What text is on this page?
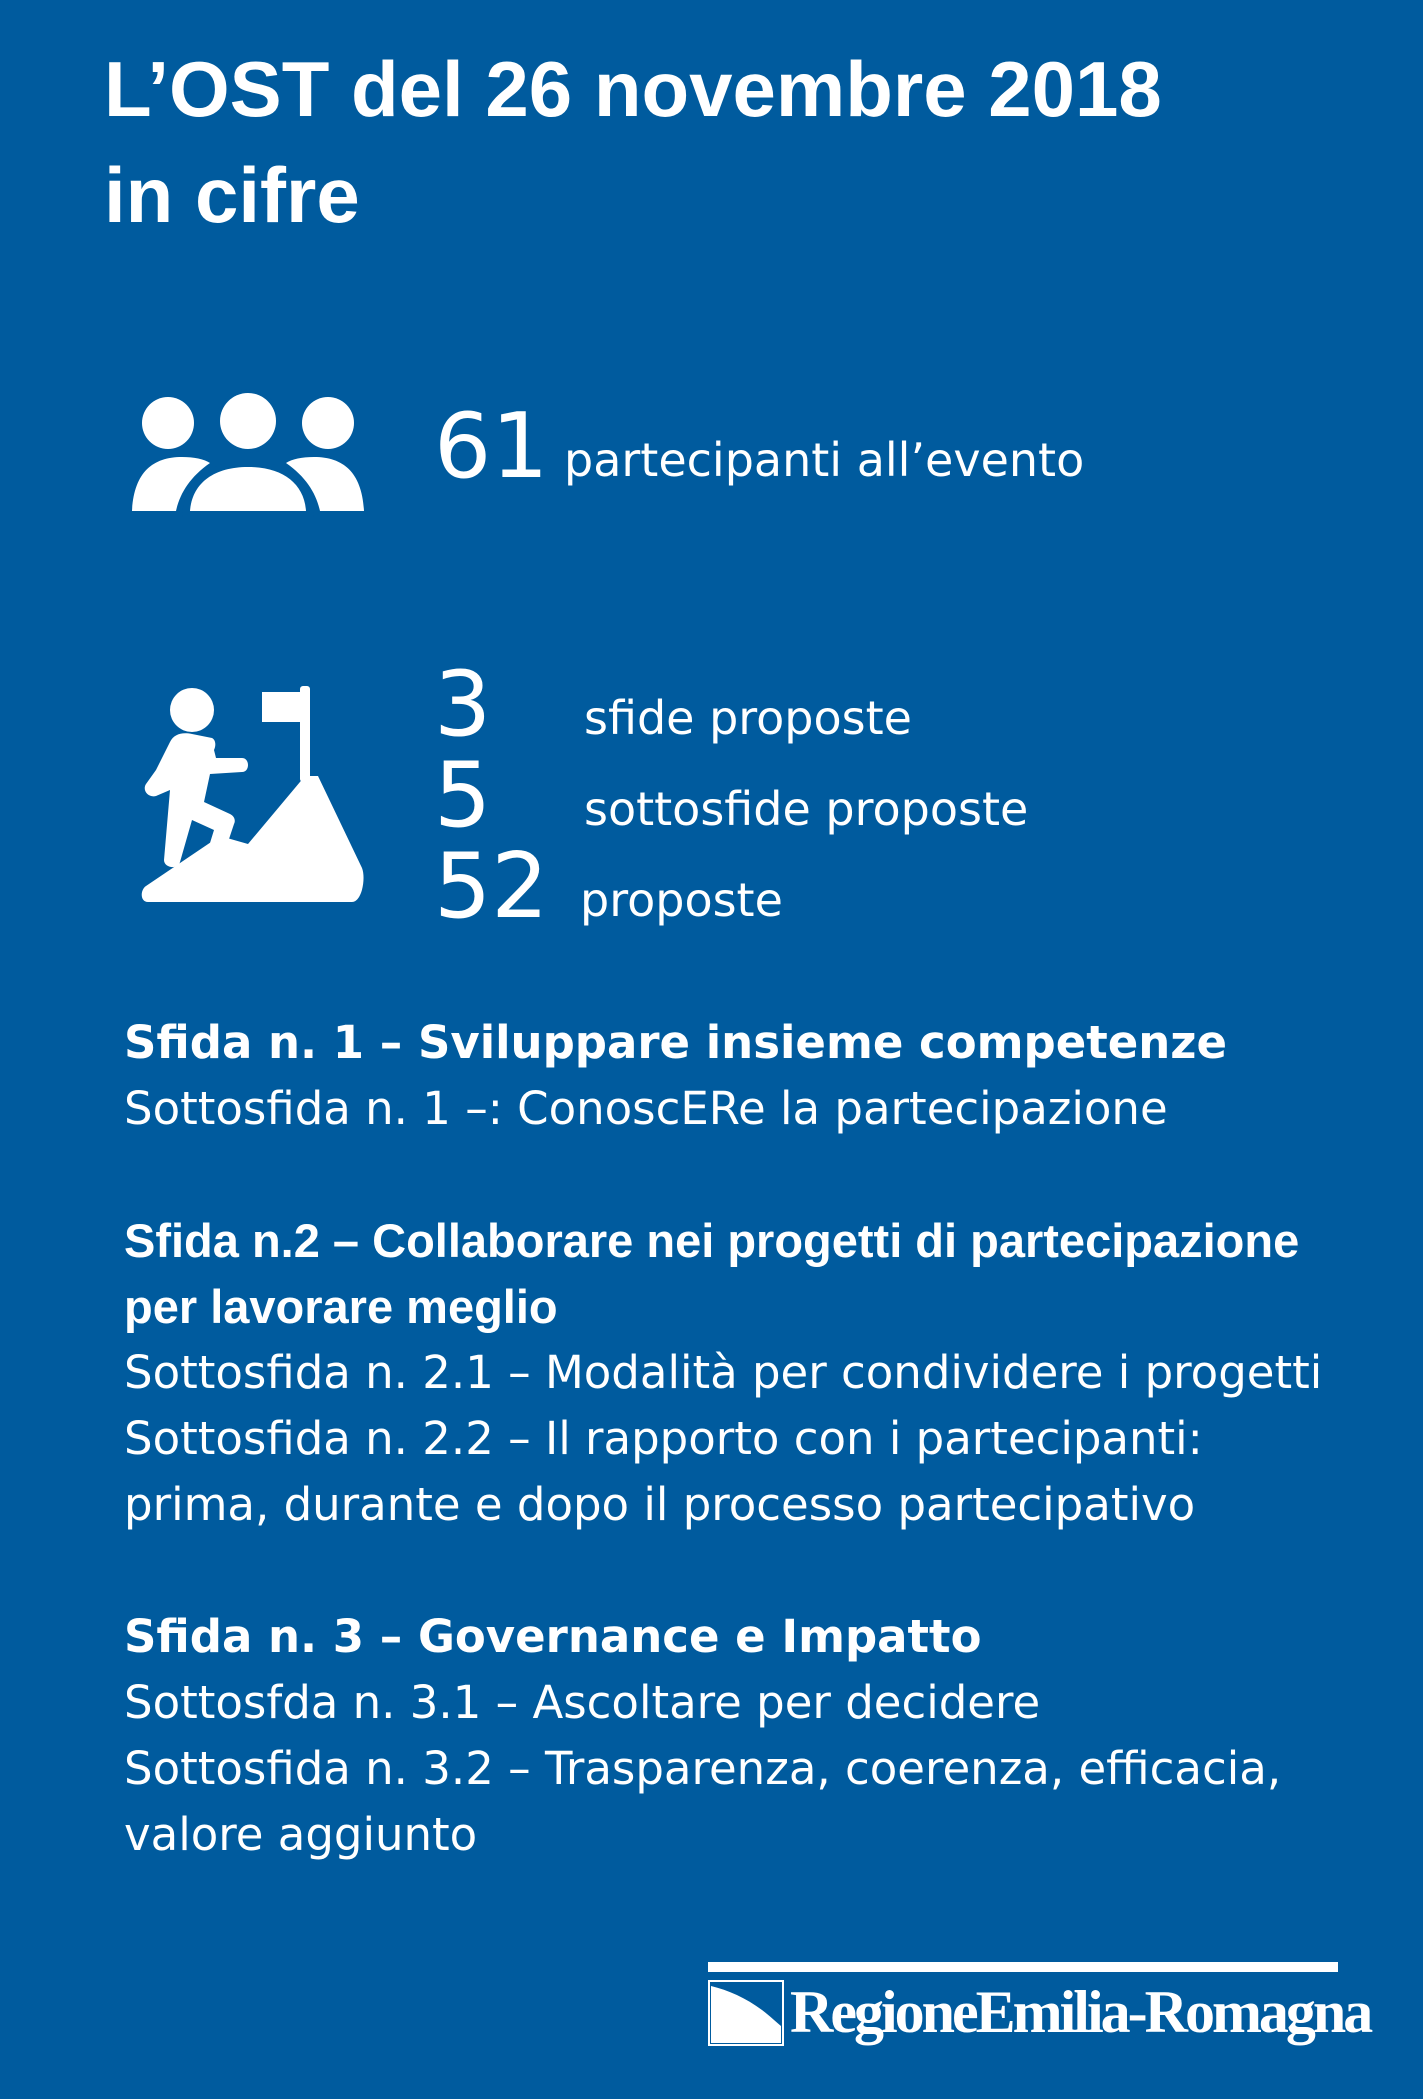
L’OST del 26 novembre 2018
in cifre
61 partecipanti all’evento
3 sfide proposte
5 sottosfide proposte
52 proposte
Sfida n. 1 – Sviluppare insieme competenze
Sottosfida n. 1 –: ConoscERe la partecipazione
Sfida n.2 – Collaborare nei progetti di partecipazione
per lavorare meglio
Sottosfida n. 2.1 – Modalità per condividere i progetti
Sottosfida n. 2.2 – Il rapporto con i partecipanti:
prima, durante e dopo il processo partecipativo
Sfida n. 3 – Governance e Impatto
Sottosfda n. 3.1 – Ascoltare per decidere
Sottosfida n. 3.2 – Trasparenza, coerenza, efficacia,
valore aggiunto
RegioneEmilia-Romagna
